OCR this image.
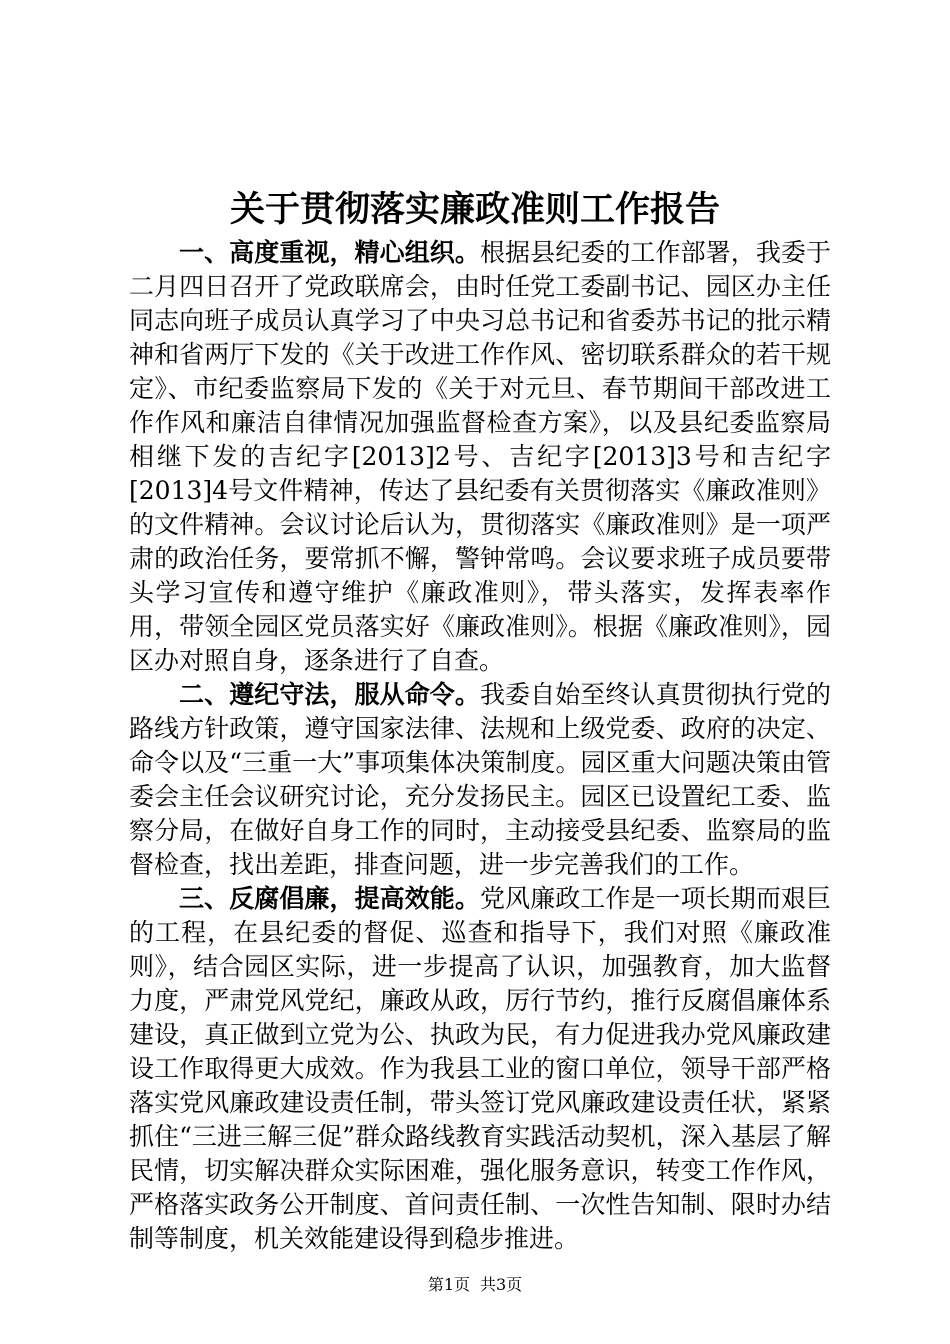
关于贯彻落实廉政准则工作报告

一、高度重视，精心组织。根据县纪委的工作部署，我委于二月四日召开了党政联席会，由时任党工委副书记、园区办主任同志向班子成员认真学习了中央习总书记和省委苏书记的批示精神和省两厅下发的《关于改进工作作风、密切联系群众的若干规定》、市纪委监察局下发的《关于对元旦、春节期间干部改进工作作风和廉洁自律情况加强监督检查方案》，以及县纪委监察局相继下发的吉纪字[2013]2号、吉纪字[2013]3号和吉纪字[2013]4号文件精神，传达了县纪委有关贯彻落实《廉政准则》的文件精神。会议讨论后认为，贯彻落实《廉政准则》是一项严肃的政治任务，要常抓不懈，警钟常鸣。会议要求班子成员要带头学习宣传和遵守维护《廉政准则》，带头落实，发挥表率作用，带领全园区党员落实好《廉政准则》。根据《廉政准则》，园区办对照自身，逐条进行了自查。

二、遵纪守法，服从命令。我委自始至终认真贯彻执行党的路线方针政策，遵守国家法律、法规和上级党委、政府的决定、命令以及“三重一大”事项集体决策制度。园区重大问题决策由管委会主任会议研究讨论，充分发扬民主。园区已设置纪工委、监察分局，在做好自身工作的同时，主动接受县纪委、监察局的监督检查，找出差距，排查问题，进一步完善我们的工作。

三、反腐倡廉，提高效能。党风廉政工作是一项长期而艰巨的工程，在县纪委的督促、巡查和指导下，我们对照《廉政准则》，结合园区实际，进一步提高了认识，加强教育，加大监督力度，严肃党风党纪，廉政从政，厉行节约，推行反腐倡廉体系建设，真正做到立党为公、执政为民，有力促进我办党风廉政建设工作取得更大成效。作为我县工业的窗口单位，领导干部严格落实党风廉政建设责任制，带头签订党风廉政建设责任状，紧紧抓住“三进三解三促”群众路线教育实践活动契机，深入基层了解民情，切实解决群众实际困难，强化服务意识，转变工作作风，严格落实政务公开制度、首问责任制、一次性告知制、限时办结制等制度，机关效能建设得到稳步推进。

第1页 共3页
